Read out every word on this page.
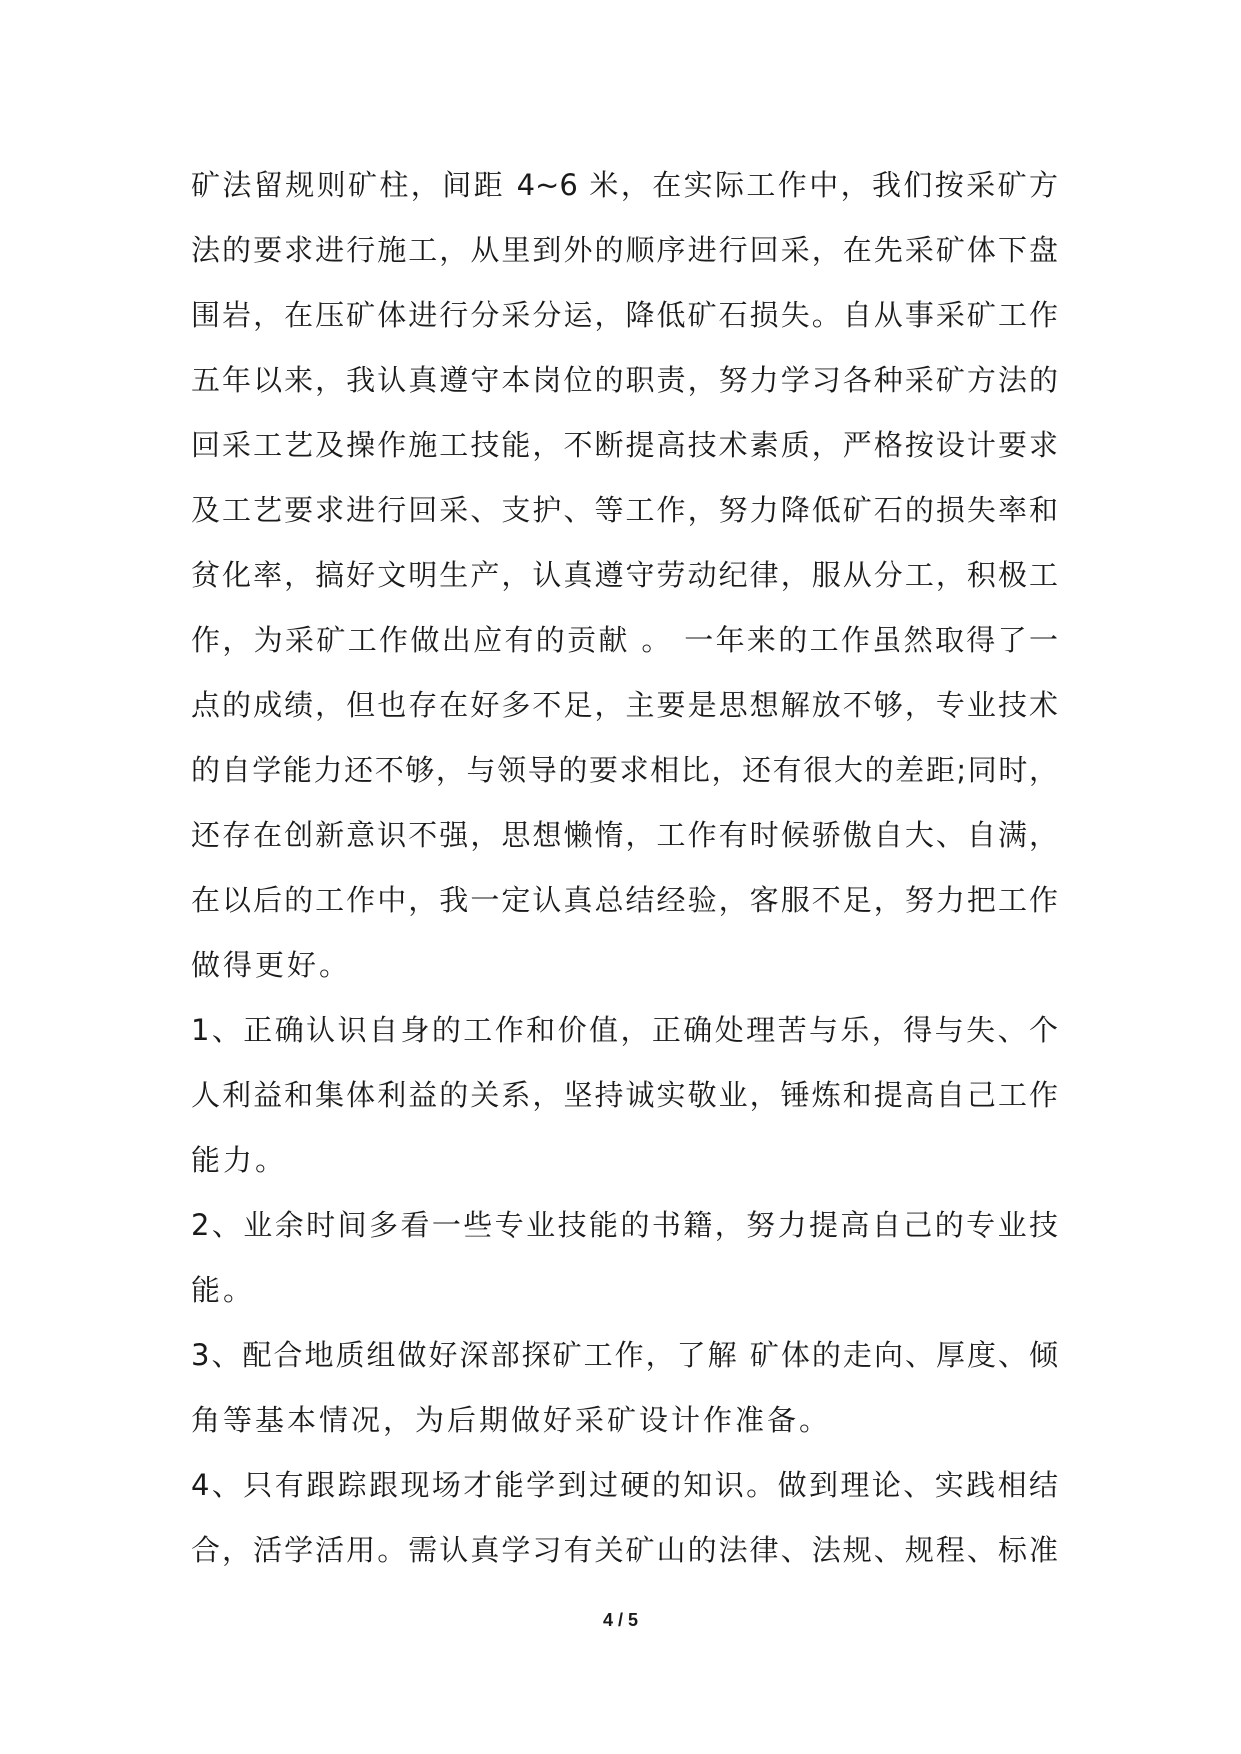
矿法留规则矿柱，间距 4~6 米，在实际工作中，我们按采矿方
法的要求进行施工，从里到外的顺序进行回采，在先采矿体下盘
围岩，在压矿体进行分采分运，降低矿石损失。自从事采矿工作
五年以来，我认真遵守本岗位的职责，努力学习各种采矿方法的
回采工艺及操作施工技能，不断提高技术素质，严格按设计要求
及工艺要求进行回采、支护、等工作，努力降低矿石的损失率和
贫化率，搞好文明生产，认真遵守劳动纪律，服从分工，积极工
作，为采矿工作做出应有的贡献 。 一年来的工作虽然取得了一
点的成绩，但也存在好多不足，主要是思想解放不够，专业技术
的自学能力还不够，与领导的要求相比，还有很大的差距;同时，
还存在创新意识不强，思想懒惰，工作有时候骄傲自大、自满，
在以后的工作中，我一定认真总结经验，客服不足，努力把工作
做得更好。
1、正确认识自身的工作和价值，正确处理苦与乐，得与失、个
人利益和集体利益的关系，坚持诚实敬业，锤炼和提高自己工作
能力。
2、业余时间多看一些专业技能的书籍，努力提高自己的专业技
能。
3、配合地质组做好深部探矿工作，了解 矿体的走向、厚度、倾
角等基本情况，为后期做好采矿设计作准备。
4、只有跟踪跟现场才能学到过硬的知识。做到理论、实践相结
合，活学活用。需认真学习有关矿山的法律、法规、规程、标准
4 / 5
